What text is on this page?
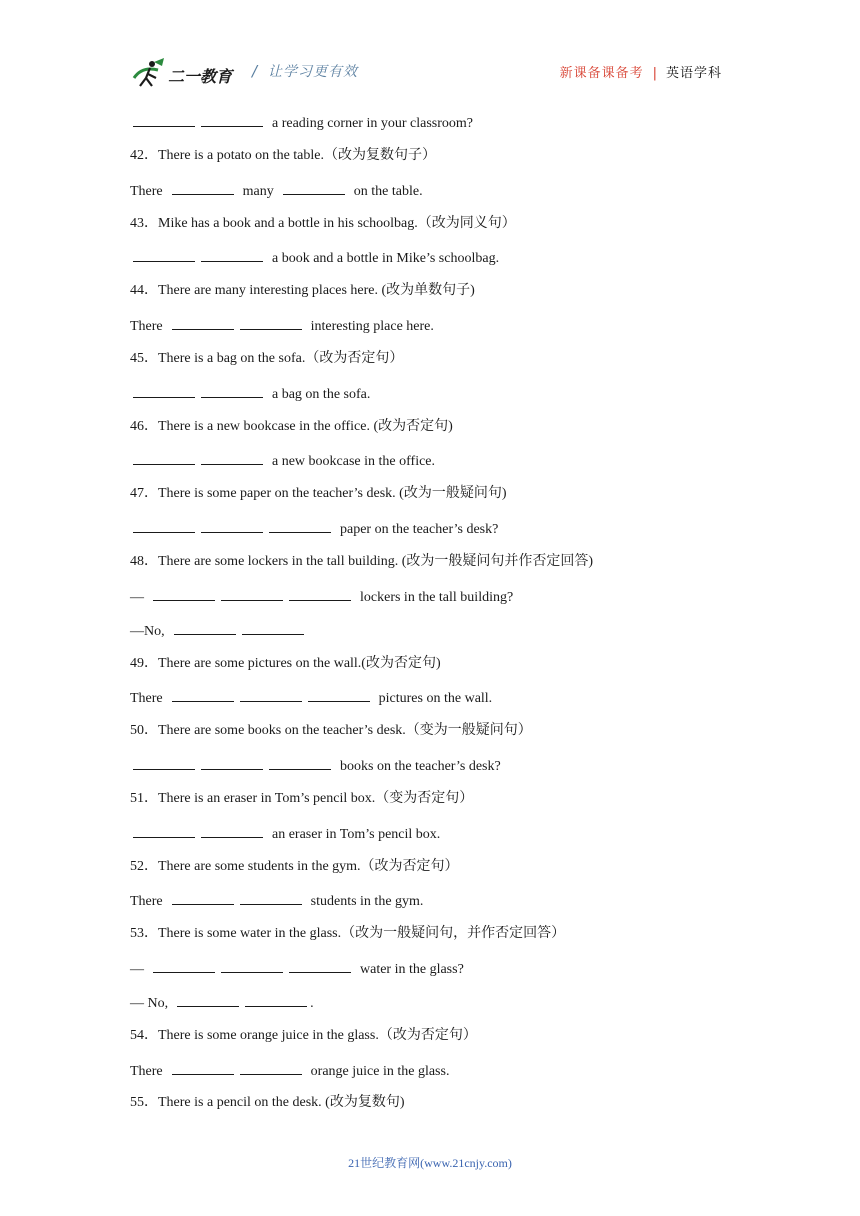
二一教育 / 让学习更有效	新课备课备考 | 英语学科
a reading corner in your classroom?
42．There is a potato on the table.（改为复数句子）
There	many	on the table.
43．Mike has a book and a bottle in his schoolbag.（改为同义句）
a book and a bottle in Mike’s schoolbag.
44．There are many interesting places here. (改为单数句子)
There	interesting place here.
45．There is a bag on the sofa.（改为否定句）
a bag on the sofa.
46．There is a new bookcase in the office. (改为否定句)
a new bookcase in the office.
47．There is some paper on the teacher’s desk. (改为一般疑问句)
paper on the teacher’s desk?
48．There are some lockers in the tall building. (改为一般疑问句并作否定回答)
—	lockers in the tall building?
—No,
49．There are some pictures on the wall.(改为否定句)
There	pictures on the wall.
50．There are some books on the teacher’s desk.（变为一般疑问句）
books on the teacher’s desk?
51．There is an eraser in Tom’s pencil box.（变为否定句）
an eraser in Tom’s pencil box.
52．There are some students in the gym.（改为否定句）
There	students in the gym.
53．There is some water in the glass.（改为一般疑问句，并作否定回答）
—	water in the glass?
— No,	.
54．There is some orange juice in the glass.（改为否定句）
There	orange juice in the glass.
55．There is a pencil on the desk. (改为复数句)
21世纪教育网(www.21cnjy.com)
